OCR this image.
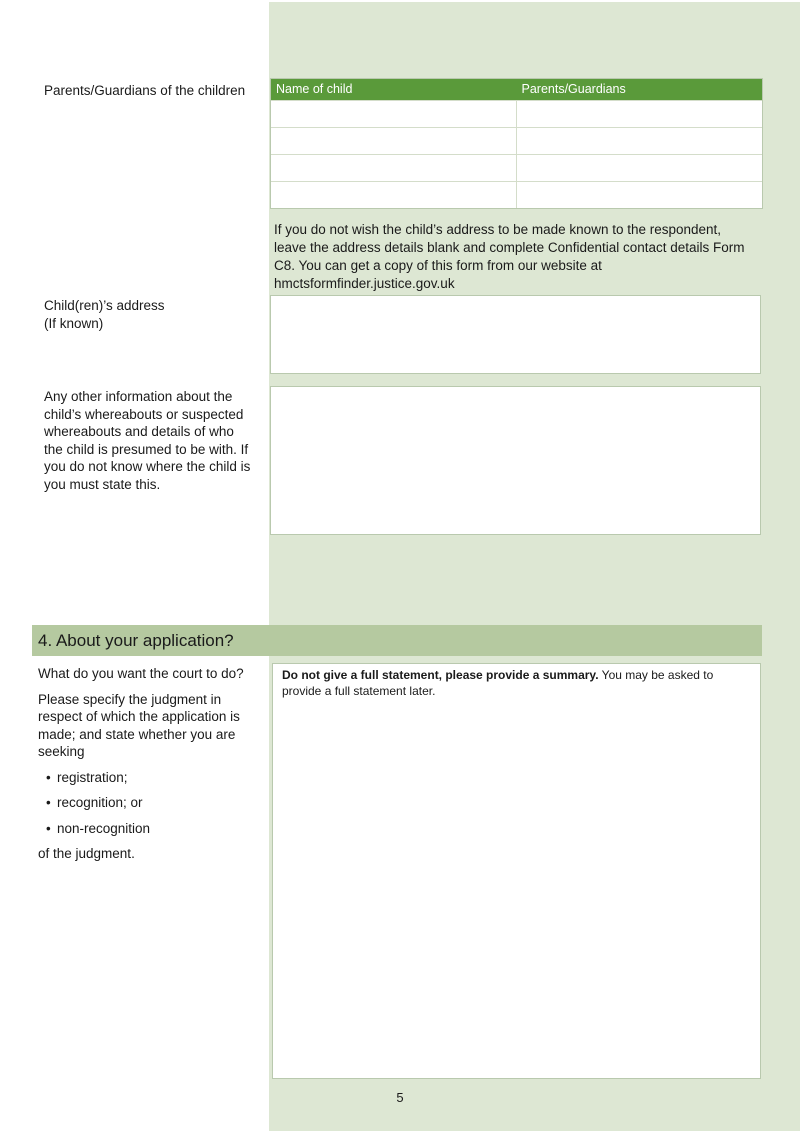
Parents/Guardians of the children	Name of child	Parents/Guardians
If you do not wish the child’s address to be made known to the respondent, leave the address details blank and complete Confidential contact details Form C8. You can get a copy of this form from our website at hmctsformfinder.justice.gov.uk
Child(ren)’s address
(If known)
Any other information about the child’s whereabouts or suspected whereabouts and details of who the child is presumed to be with. If you do not know where the child is you must state this.
4. About your application?

What do you want the court to do?

Please specify the judgment in respect of which the application is made; and state whether you are seeking

• registration;
• recognition; or
• non-recognition

of the judgment.

Do not give a full statement, please provide a summary. You may be asked to provide a full statement later.
5
